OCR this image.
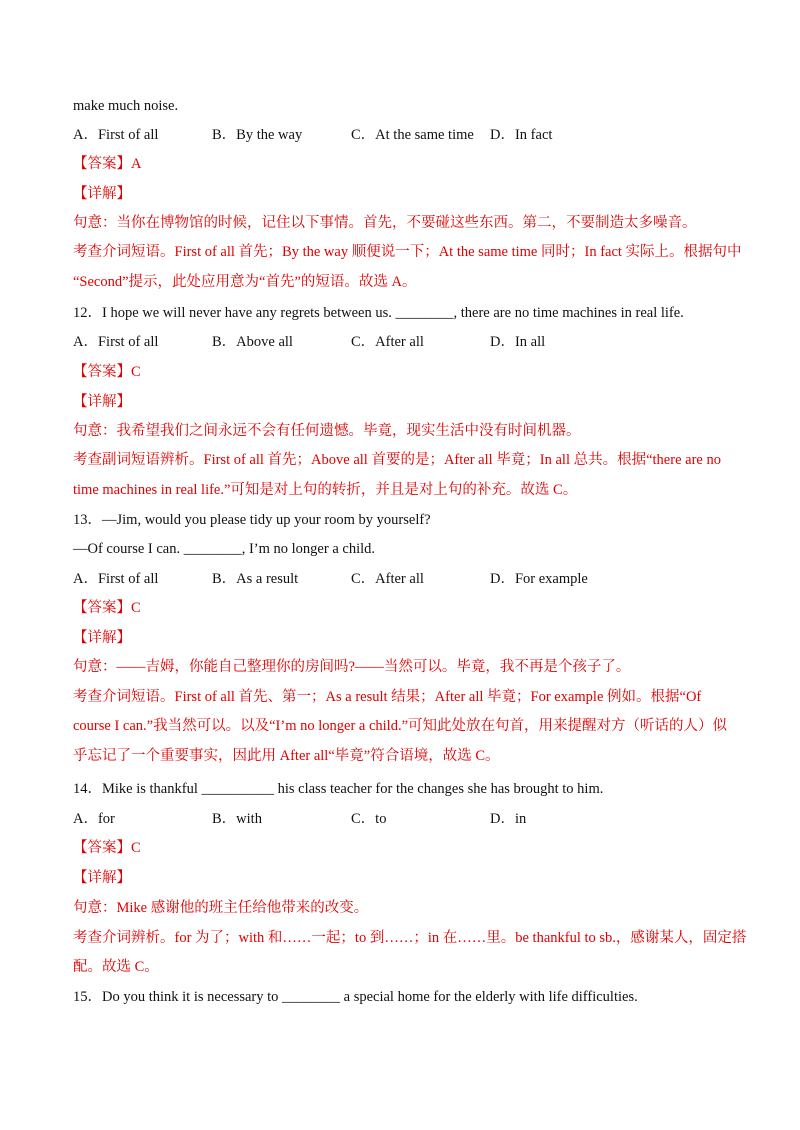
make much noise.
A．First of all	B．By the way	C．At the same time	D．In fact
【答案】A
【详解】
句意：当你在博物馆的时候，记住以下事情。首先，不要碰这些东西。第二，不要制造太多噪音。
考查介词短语。First of all 首先；By the way 顺便说一下；At the same time 同时；In fact 实际上。根据句中
“Second”提示，此处应用意为“首先”的短语。故选 A。
12．I hope we will never have any regrets between us. ________, there are no time machines in real life.
A．First of all	B．Above all	C．After all	D．In all
【答案】C
【详解】
句意：我希望我们之间永远不会有任何遗憾。毕竟，现实生活中没有时间机器。
考查副词短语辨析。First of all 首先；Above all 首要的是；After all 毕竟；In all 总共。根据“there are no
time machines in real life.”可知是对上句的转折，并且是对上句的补充。故选 C。
13．—Jim, would you please tidy up your room by yourself?
—Of course I can. ________, I’m no longer a child.
A．First of all	B．As a result	C．After all	D．For example
【答案】C
【详解】
句意：——吉姆，你能自己整理你的房间吗?——当然可以。毕竟，我不再是个孩子了。
考查介词短语。First of all 首先、第一；As a result 结果；After all 毕竟；For example 例如。根据“Of
course I can.”我当然可以。以及“I’m no longer a child.”可知此处放在句首，用来提醒对方（听话的人）似
乎忘记了一个重要事实，因此用 After all“毕竟”符合语境，故选 C。
14．Mike is thankful __________ his class teacher for the changes she has brought to him.
A．for	B．with	C．to	D．in
【答案】C
【详解】
句意：Mike 感谢他的班主任给他带来的改变。
考查介词辨析。for 为了；with 和……一起；to 到……；in 在……里。be thankful to sb.，感谢某人，固定搭
配。故选 C。
15．Do you think it is necessary to ________ a special home for the elderly with life difficulties.
